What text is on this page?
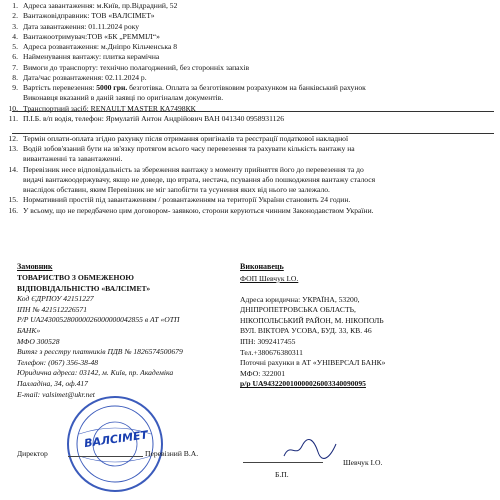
1. Адреса завантаження: м.Київ, пр.Відрадний, 52
2. Вантажовідправник: ТОВ «ВАЛСІМЕТ»
3. Дата завантаження: 01.11.2024 року
4. Вантажоотримувач:ТОВ «БК „РЕММІЛ“»
5. Адреса розвантаження: м.Дніпро Кільченська 8
6. Найменування вантажу: плитка керамічна
7. Вимоги до транспорту: технічно полагоджений, без сторонніх запахів
8. Дата/час розвантаження: 02.11.2024 р.
9. Вартість перевезення: 5000 грн. безготівка. Оплата за безготівковим розрахунком на банківський рахунок
Виконавця вказаний в даній заявці по оригіналам документів.
10. Транспортний засіб: RENAULT MASTER КА7498КК
11. П.І.Б. в/п водія, телефон: Ярмулатій Антон Андрійович ВАН 041340 0958931126
12. Термін оплати-оплата згідно рахунку після отримання оригіналів та реєстрації податкової накладної
13. Водій зобов'язаний бути на зв'язку протягом всього часу перевезення та рахувати кількість вантажу на
вивантаженні та завантаженні.
14. Перевізник несе відповідальність за збереження вантажу з моменту прийняття його до перевезення та до
видачі вантажоодержувачу, якщо не доведе, що втрата, нестача, псування або пошкодження вантажу сталося
внаслідок обставин, яким Перевізник не міг запобігти та усунення яких від нього не залежало.
15. Нормативний простій під завантаженням / розвантаженням на території України становить 24 годин.
16. У всьому, що не передбачено цим договором- заявкою, сторони керуються чинним Законодавством України.
Замовник	Виконавець
ТОВАРИСТВО З ОБМЕЖЕНОЮ
ВІДПОВІДАЛЬНІСТЮ «ВАЛСІМЕТ»
Код ЄДРПОУ 42151227
ІПН № 421512226571
Р/Р UA243005280000026000000042855 в АТ «ОТП
БАНК»
МФО 300528
Витяг з реєстру платників ПДВ № 1826574500679
Телефон: (067) 356-38-48
Юридична адреса: 03142, м. Київ, пр. Академіка
Палладіна, 34, оф.417
E-mail: valsimet@ukr.net
ФОП Шевчук І.О.
Адреса юридична: УКРАЇНА, 53200,
ДНІПРОПЕТРОВСЬКА ОБЛАСТЬ,
НІКОПОЛЬСЬКИЙ РАЙОН, М. НІКОПОЛЬ
ВУЛ. ВІКТОРА УСОВА, БУД. 33, КВ. 46
ІПН: 3092417455
Тел.+380676380311
Поточні рахунки в АТ «УНІВЕРСАЛ БАНК»
МФО: 322001
р/р UA943220010000026003340090095
ВАЛСІМЕТ
Директор	Перевізний В.А.
Шевчук І.О.
Б.П.
